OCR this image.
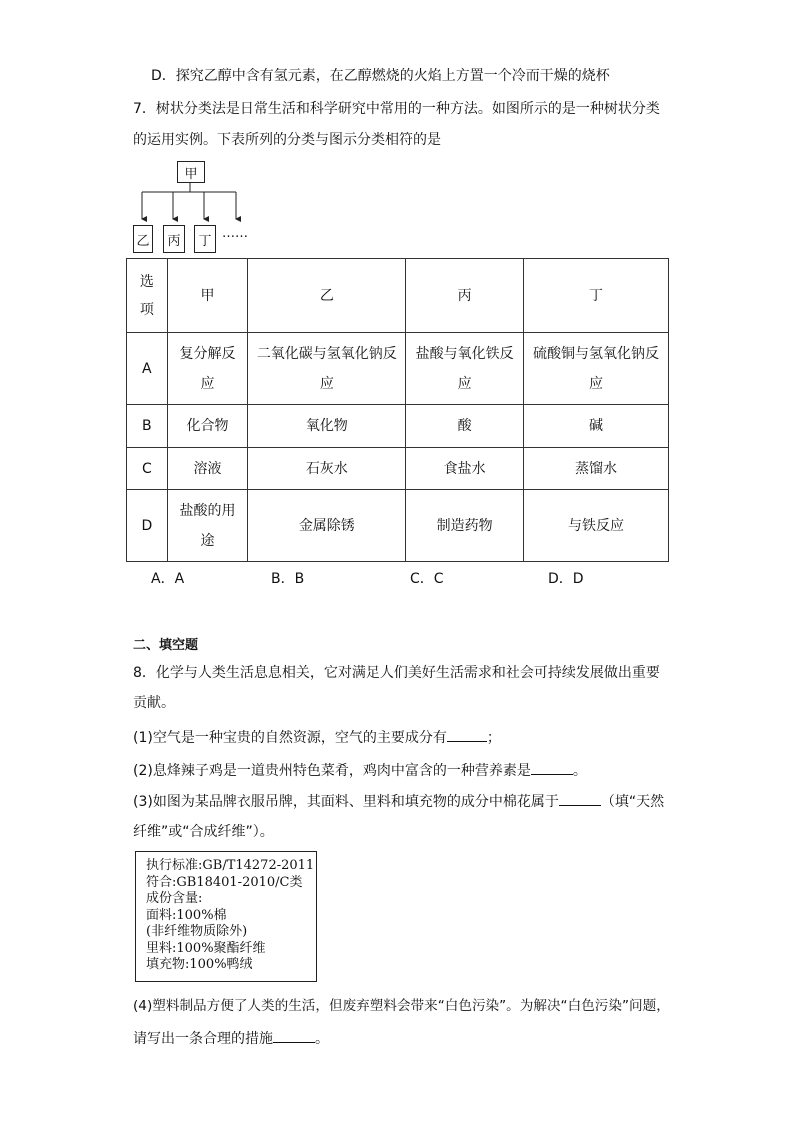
D．探究乙醇中含有氢元素，在乙醇燃烧的火焰上方置一个冷而干燥的烧杯
7．树状分类法是日常生活和科学研究中常用的一种方法。如图所示的是一种树状分类
的运用实例。下表所列的分类与图示分类相符的是
甲
乙	丙	丁 ……
选项	甲	乙	丙	丁
A	复分解反应	二氧化碳与氢氧化钠反应	盐酸与氧化铁反应	硫酸铜与氢氧化钠反应

B	化合物	氧化物	酸	碱
C	溶液	石灰水	食盐水	蒸馏水
D	盐酸的用途	金属除锈	制造药物	与铁反应
A．A	B．B	C．C	D．D
二、填空题
8．化学与人类生活息息相关，它对满足人们美好生活需求和社会可持续发展做出重要
贡献。
(1)空气是一种宝贵的自然资源，空气的主要成分有	；
(2)息烽辣子鸡是一道贵州特色菜肴，鸡肉中富含的一种营养素是	。
(3)如图为某品牌衣服吊牌，其面料、里料和填充物的成分中棉花属于	（填“天然
纤维”或“合成纤维”）。
执行标准:GB/T14272-2011
符合:GB18401-2010/C类
成份含量:
面料:100%棉
(非纤维物质除外)
里料:100%聚酯纤维
填充物:100%鸭绒
(4)塑料制品方便了人类的生活，但废弃塑料会带来“白色污染”。为解决“白色污染”问题，
请写出一条合理的措施	。
